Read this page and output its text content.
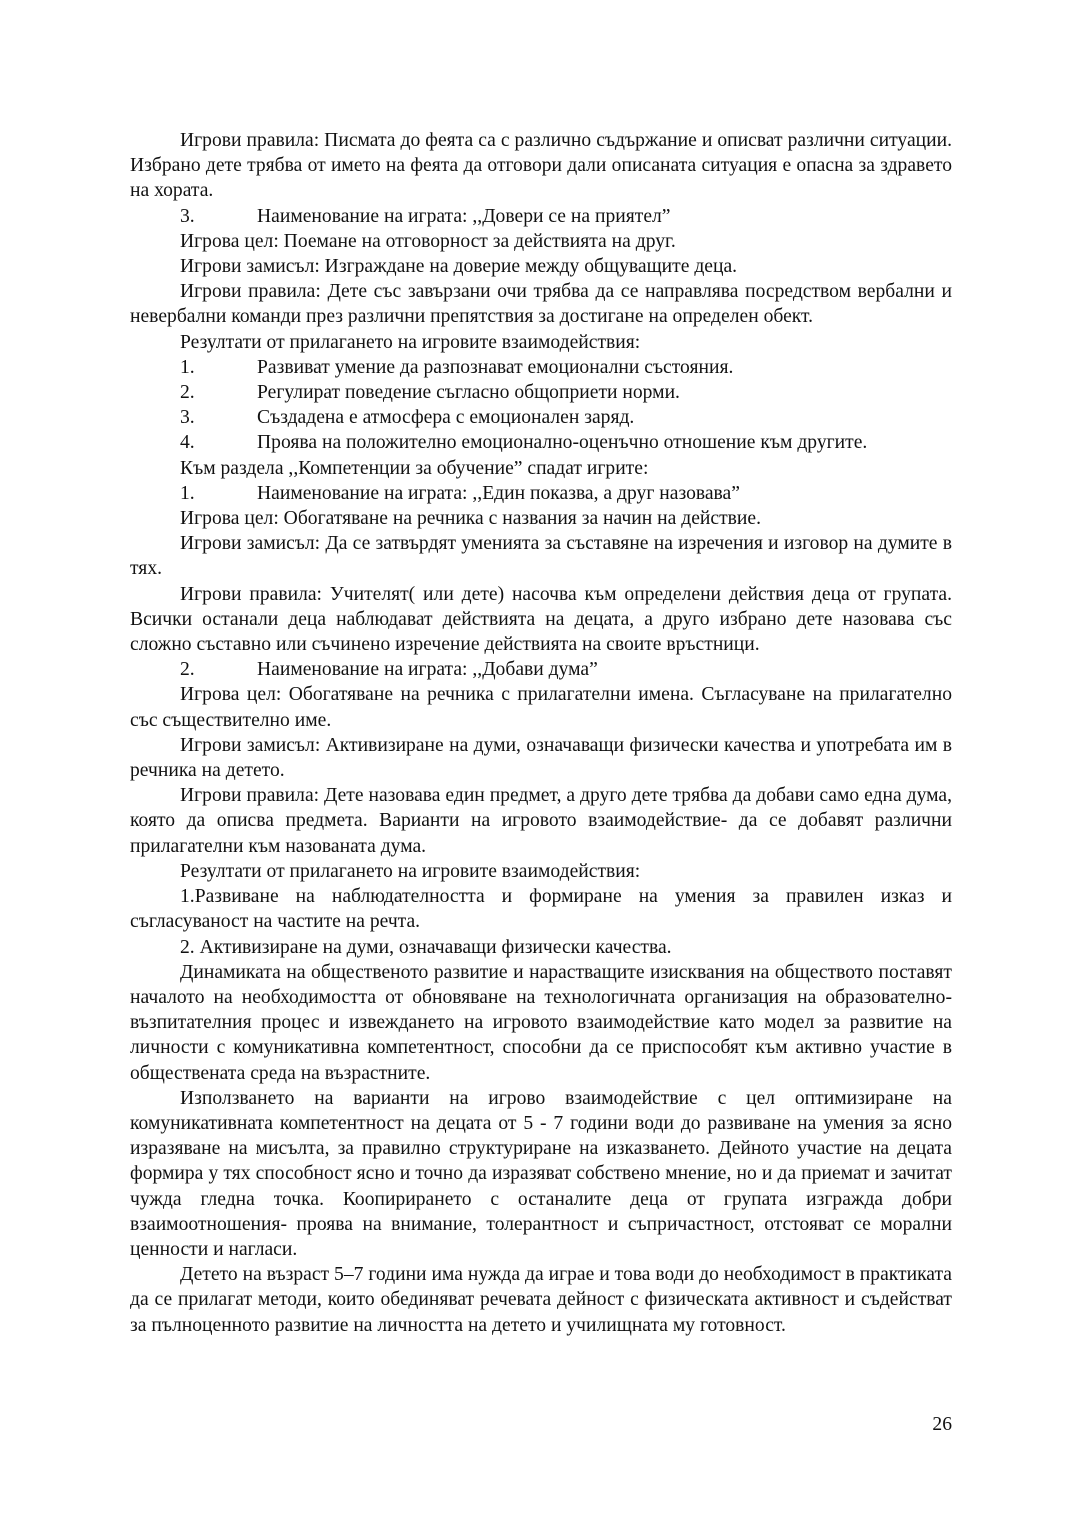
Игрови правила: Писмата до феята са с различно съдържание и описват различни ситуации. Избрано дете трябва от името на феята да отговори дали описаната ситуация е опасна за здравето на хората.

3.	Наименование на играта: ,,Довери се на приятел”

Игрова цел: Поемане на отговорност за действията на друг.

Игрови замисъл: Изграждане на доверие между общуващите деца.

Игрови правила: Дете със завързани очи трябва да се направлява посредством вербални и невербални команди през различни препятствия за достигане на определен обект.

Резултати от прилагането на игровите взаимодействия:

1.	Развиват умение да разпознават емоционални състояния.

2.	Регулират поведение съгласно общоприети норми.

3.	Създадена е атмосфера с емоционален заряд.

4.	Проява на положително емоционално-оценъчно отношение към другите.

Към раздела ,,Компетенции за обучение” спадат игрите:

1.	Наименование на играта: ,,Един показва, а друг назовава”

Игрова цел: Обогатяване на речника с названия за начин на действие.

Игрови замисъл: Да се затвърдят уменията за съставяне на изречения и изговор на думите в тях.

Игрови правила: Учителят( или дете) насочва към определени действия деца от групата. Всички останали деца наблюдават действията на децата, а друго избрано дете назовава със сложно съставно или съчинено изречение действията на своите връстници.

2.	Наименование на играта: ,,Добави дума”

Игрова цел: Обогатяване на речника с прилагателни имена. Съгласуване на прилагателно със съществително име.

Игрови замисъл: Активизиране на думи, означаващи физически качества и употребата им в речника на детето.

Игрови правила: Дете назовава един предмет, а друго дете трябва да добави само една дума, която да описва предмета. Варианти на игровото взаимодействие- да се добавят различни прилагателни към назованата дума.

Резултати от прилагането на игровите взаимодействия:

1.Развиване на наблюдателността и формиране на умения за правилен изказ и съгласуваност на частите на речта.

2. Активизиране на думи, означаващи физически качества.

Динамиката на общественото развитие и нарастващите изисквания на обществото поставят началото на необходимостта от обновяване на технологичната организация на образователно-възпитателния процес и извеждането на игровото взаимодействие като модел за развитие на личности с комуникативна компетентност, способни да се приспособят към активно участие в обществената среда на възрастните.

Използването на варианти на игрово взаимодействие с цел оптимизиране на комуникативната компетентност на децата от 5 - 7 години води до развиване на умения за ясно изразяване на мисълта, за правилно структуриране на изказването. Дейното участие на децата формира у тях способност ясно и точно да изразяват собствено мнение, но и да приемат и зачитат чужда гледна точка. Коопирирането с останалите деца от групата изгражда добри взаимоотношения- проява на внимание, толерантност и съпричастност, отстояват се морални ценности и нагласи.

Детето на възраст 5–7 години има нужда да играе и това води до необходимост в практиката да се прилагат методи, които обединяват речевата дейност с физическата активност и съдействат за пълноценното развитие на личността на детето и училищната му готовност.

26
